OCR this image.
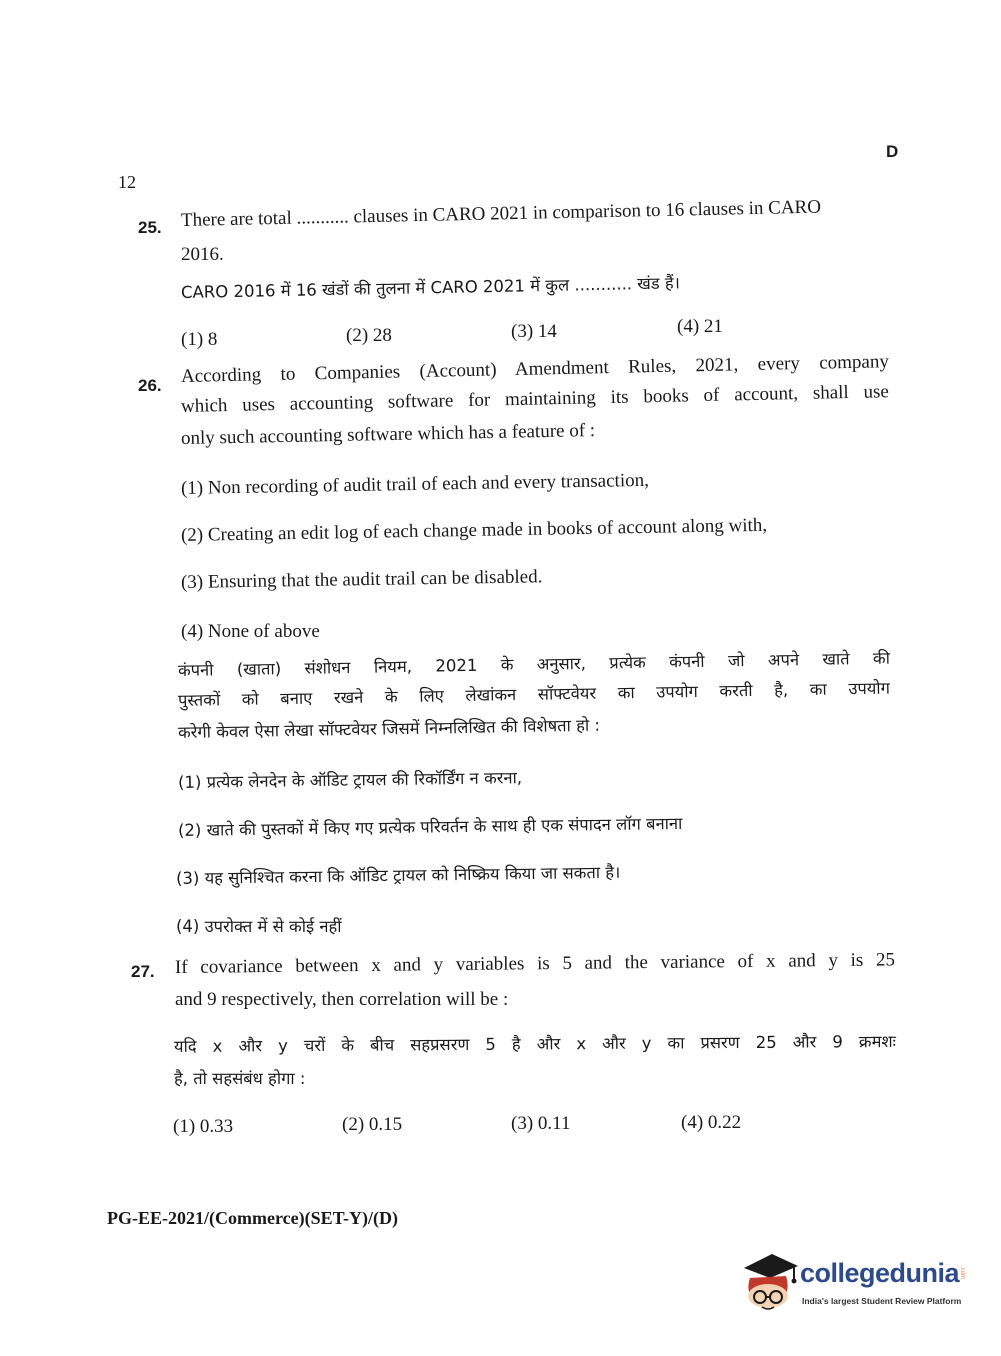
D
12
25. There are total ........... clauses in CARO 2021 in comparison to 16 clauses in CARO
2016.
CARO 2016 में 16 खंडों की तुलना में CARO 2021 में कुल ........... खंड हैं।
(1) 8	(2) 28	(3) 14	(4) 21
26. According to Companies (Account) Amendment Rules, 2021, every company
which uses accounting software for maintaining its books of account, shall use
only such accounting software which has a feature of :
(1) Non recording of audit trail of each and every transaction,
(2) Creating an edit log of each change made in books of account along with,
(3) Ensuring that the audit trail can be disabled.
(4) None of above
कंपनी (खाता) संशोधन नियम, 2021 के अनुसार, प्रत्येक कंपनी जो अपने खाते की
पुस्तकों को बनाए रखने के लिए लेखांकन सॉफ्टवेयर का उपयोग करती है, का उपयोग
करेगी केवल ऐसा लेखा सॉफ्टवेयर जिसमें निम्नलिखित की विशेषता हो :
(1) प्रत्येक लेनदेन के ऑडिट ट्रायल की रिकॉर्डिंग न करना,
(2) खाते की पुस्तकों में किए गए प्रत्येक परिवर्तन के साथ ही एक संपादन लॉग बनाना
(3) यह सुनिश्चित करना कि ऑडिट ट्रायल को निष्क्रिय किया जा सकता है।
(4) उपरोक्त में से कोई नहीं
27. If covariance between x and y variables is 5 and the variance of x and y is 25
and 9 respectively, then correlation will be :
यदि x और y चरों के बीच सहप्रसरण 5 है और x और y का प्रसरण 25 और 9 क्रमशः
है, तो सहसंबंध होगा :
(1) 0.33	(2) 0.15	(3) 0.11	(4) 0.22
PG-EE-2021/(Commerce)(SET-Y)/(D)
collegedunia .com
India's largest Student Review Platform
